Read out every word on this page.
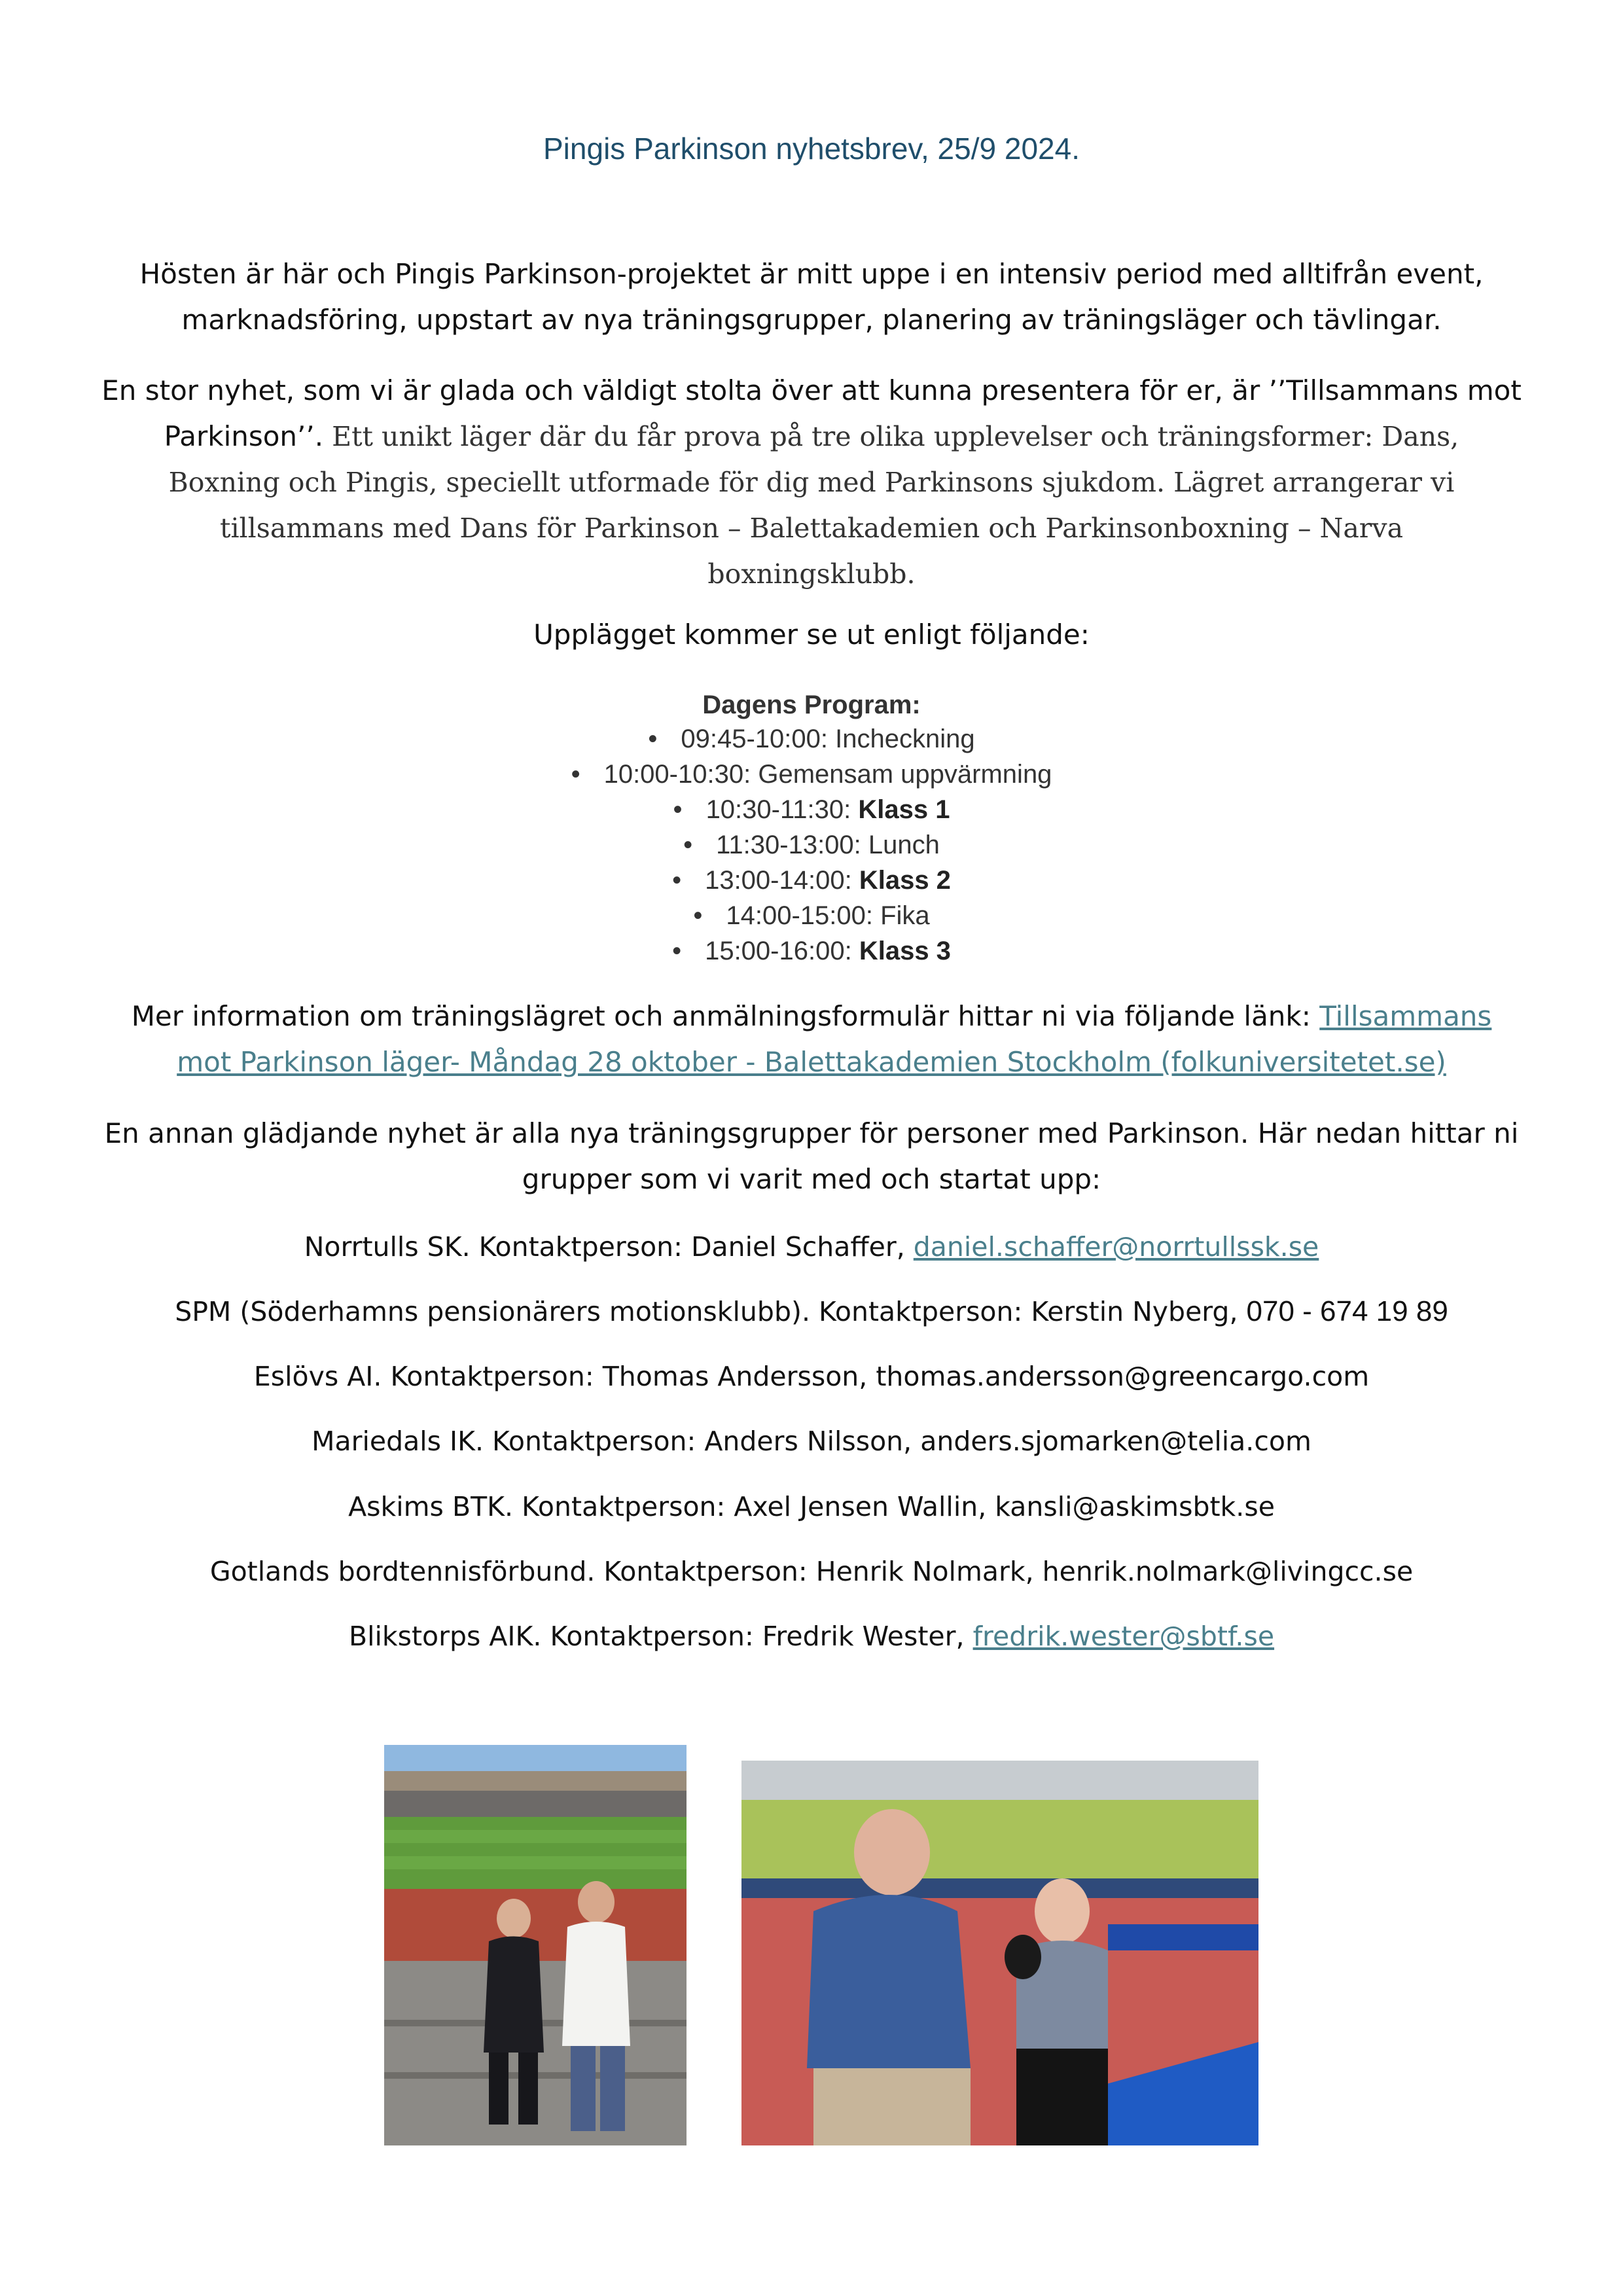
Pingis Parkinson nyhetsbrev, 25/9 2024.
Hösten är här och Pingis Parkinson-projektet är mitt uppe i en intensiv period med alltifrån event,
marknadsföring, uppstart av nya träningsgrupper, planering av träningsläger och tävlingar.
En stor nyhet, som vi är glada och väldigt stolta över att kunna presentera för er, är ’’Tillsammans mot
Parkinson’’. Ett unikt läger där du får prova på tre olika upplevelser och träningsformer: Dans,
Boxning och Pingis, speciellt utformade för dig med Parkinsons sjukdom. Lägret arrangerar vi
tillsammans med Dans för Parkinson – Balettakademien och Parkinsonboxning – Narva
boxningsklubb.
Upplägget kommer se ut enligt följande:
Dagens Program:
• 09:45-10:00: Incheckning
• 10:00-10:30: Gemensam uppvärmning
• 10:30-11:30: Klass 1
• 11:30-13:00: Lunch
• 13:00-14:00: Klass 2
• 14:00-15:00: Fika
• 15:00-16:00: Klass 3
Mer information om träningslägret och anmälningsformulär hittar ni via följande länk: Tillsammans
mot Parkinson läger- Måndag 28 oktober - Balettakademien Stockholm (folkuniversitetet.se)
En annan glädjande nyhet är alla nya träningsgrupper för personer med Parkinson. Här nedan hittar ni
grupper som vi varit med och startat upp:
Norrtulls SK. Kontaktperson: Daniel Schaffer, daniel.schaffer@norrtullssk.se
SPM (Söderhamns pensionärers motionsklubb). Kontaktperson: Kerstin Nyberg, 070 - 674 19 89
Eslövs AI. Kontaktperson: Thomas Andersson, thomas.andersson@greencargo.com
Mariedals IK. Kontaktperson: Anders Nilsson, anders.sjomarken@telia.com
Askims BTK. Kontaktperson: Axel Jensen Wallin, kansli@askimsbtk.se
Gotlands bordtennisförbund. Kontaktperson: Henrik Nolmark, henrik.nolmark@livingcc.se
Blikstorps AIK. Kontaktperson: Fredrik Wester, fredrik.wester@sbtf.se
